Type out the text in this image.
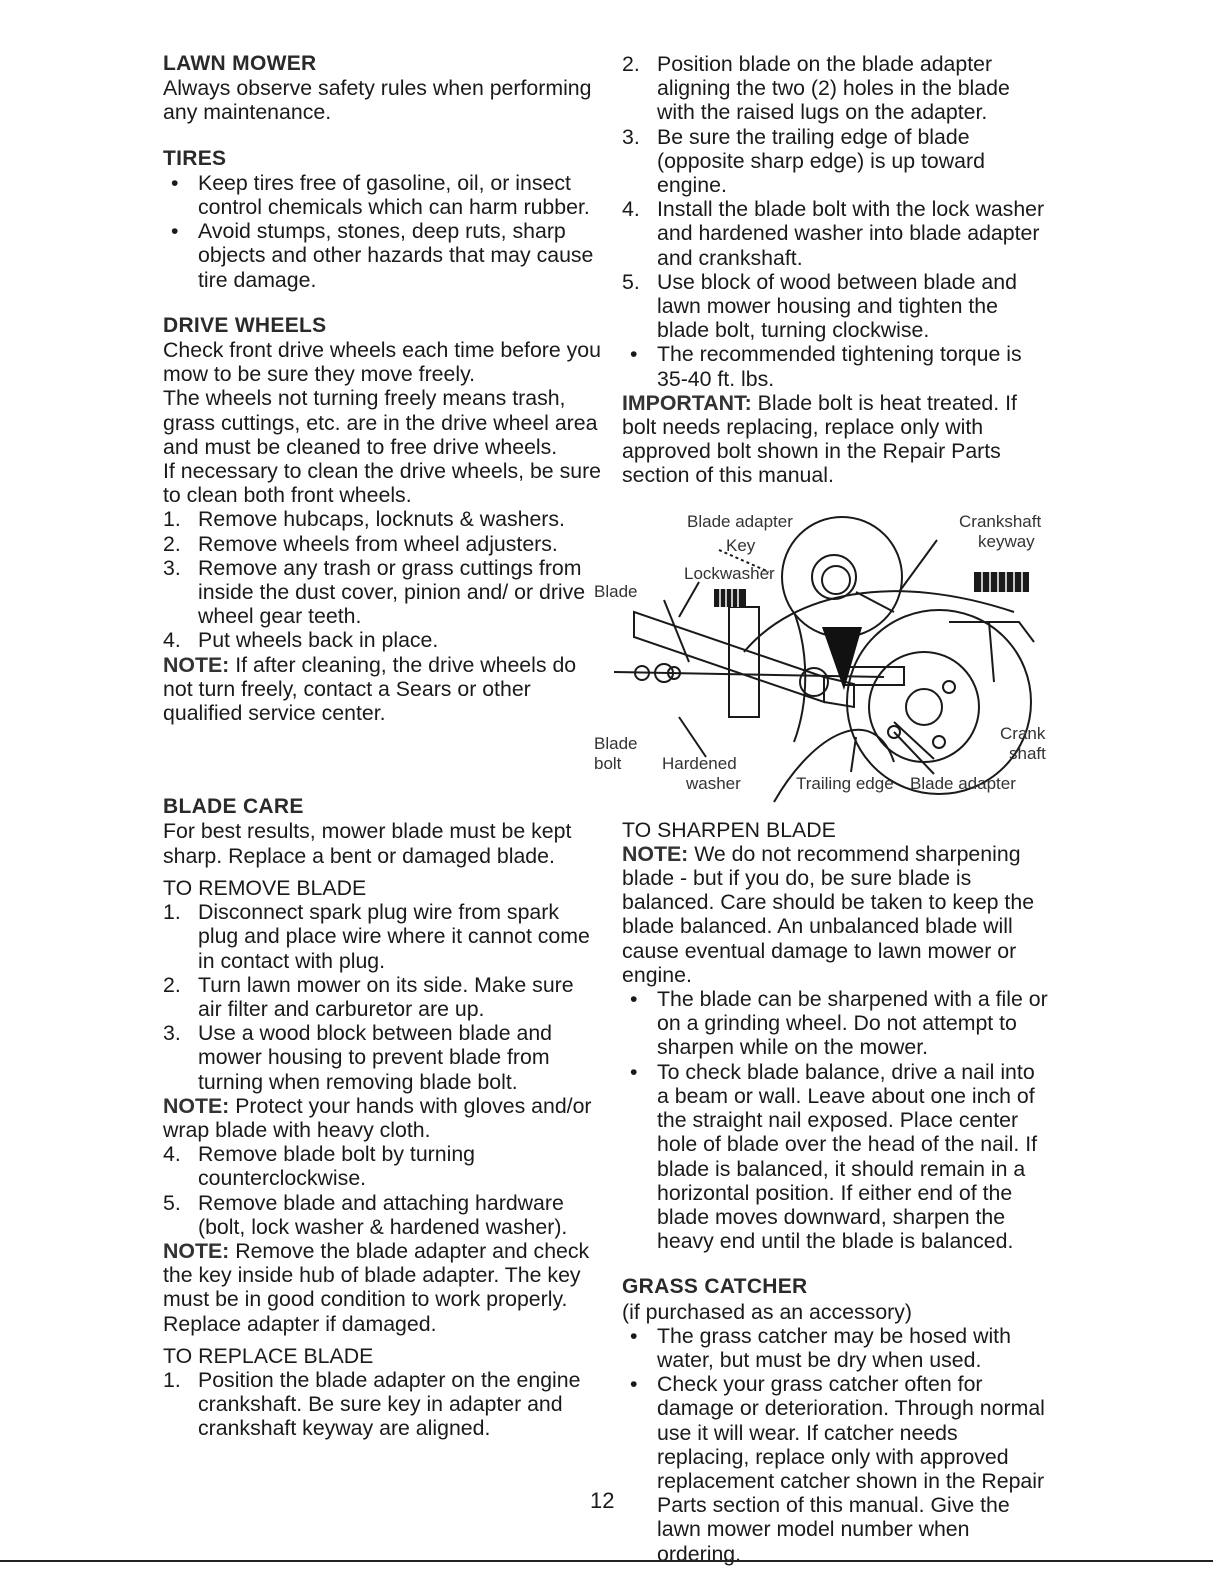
LAWN MOWER

Always observe safety rules when performing any maintenance.

TIRES

• Keep tires free of gasoline, oil, or insect control chemicals which can harm rubber.
• Avoid stumps, stones, deep ruts, sharp objects and other hazards that may cause tire damage.

DRIVE WHEELS

Check front drive wheels each time before you mow to be sure they move freely.

The wheels not turning freely means trash, grass cuttings, etc. are in the drive wheel area and must be cleaned to free drive wheels.

If necessary to clean the drive wheels, be sure to clean both front wheels.

1. Remove hubcaps, locknuts & washers.
2. Remove wheels from wheel adjusters.
3. Remove any trash or grass cuttings from inside the dust cover, pinion and/ or drive wheel gear teeth.
4. Put wheels back in place.

NOTE: If after cleaning, the drive wheels do not turn freely, contact a Sears or other qualified service center.

BLADE CARE

For best results, mower blade must be kept sharp. Replace a bent or damaged blade.

TO REMOVE BLADE

1. Disconnect spark plug wire from spark plug and place wire where it cannot come in contact with plug.
2. Turn lawn mower on its side. Make sure air filter and carburetor are up.
3. Use a wood block between blade and mower housing to prevent blade from turning when removing blade bolt.

NOTE: Protect your hands with gloves and/or wrap blade with heavy cloth.

4. Remove blade bolt by turning counterclockwise.
5. Remove blade and attaching hardware (bolt, lock washer & hardened washer).

NOTE: Remove the blade adapter and check the key inside hub of blade adapter. The key must be in good condition to work properly. Replace adapter if damaged.

TO REPLACE BLADE

1. Position the blade adapter on the engine crankshaft. Be sure key in adapter and crankshaft keyway are aligned.
2. Position blade on the blade adapter aligning the two (2) holes in the blade with the raised lugs on the adapter.
3. Be sure the trailing edge of blade (opposite sharp edge) is up toward engine.
4. Install the blade bolt with the lock washer and hardened washer into blade adapter and crankshaft.
5. Use block of wood between blade and lawn mower housing and tighten the blade bolt, turning clockwise.
• The recommended tightening torque is 35-40 ft. lbs.

IMPORTANT: Blade bolt is heat treated. If bolt needs replacing, replace only with approved bolt shown in the Repair Parts section of this manual.

Blade adapter	Crankshaft
keyway
Key
Lockwasher
Blade
Blade
bolt Hardened
washer	Trailing edge Blade adapter
Crank
shaft

TO SHARPEN BLADE

NOTE: We do not recommend sharpening blade - but if you do, be sure blade is balanced. Care should be taken to keep the blade balanced. An unbalanced blade will cause eventual damage to lawn mower or engine.

• The blade can be sharpened with a file or on a grinding wheel. Do not attempt to sharpen while on the mower.
• To check blade balance, drive a nail into a beam or wall. Leave about one inch of the straight nail exposed. Place center hole of blade over the head of the nail. If blade is balanced, it should remain in a horizontal position. If either end of the blade moves downward, sharpen the heavy end until the blade is balanced.

GRASS CATCHER

(if purchased as an accessory)

• The grass catcher may be hosed with water, but must be dry when used.
• Check your grass catcher often for damage or deterioration. Through normal use it will wear. If catcher needs replacing, replace only with approved replacement catcher shown in the Repair Parts section of this manual. Give the lawn mower model number when ordering.
12
